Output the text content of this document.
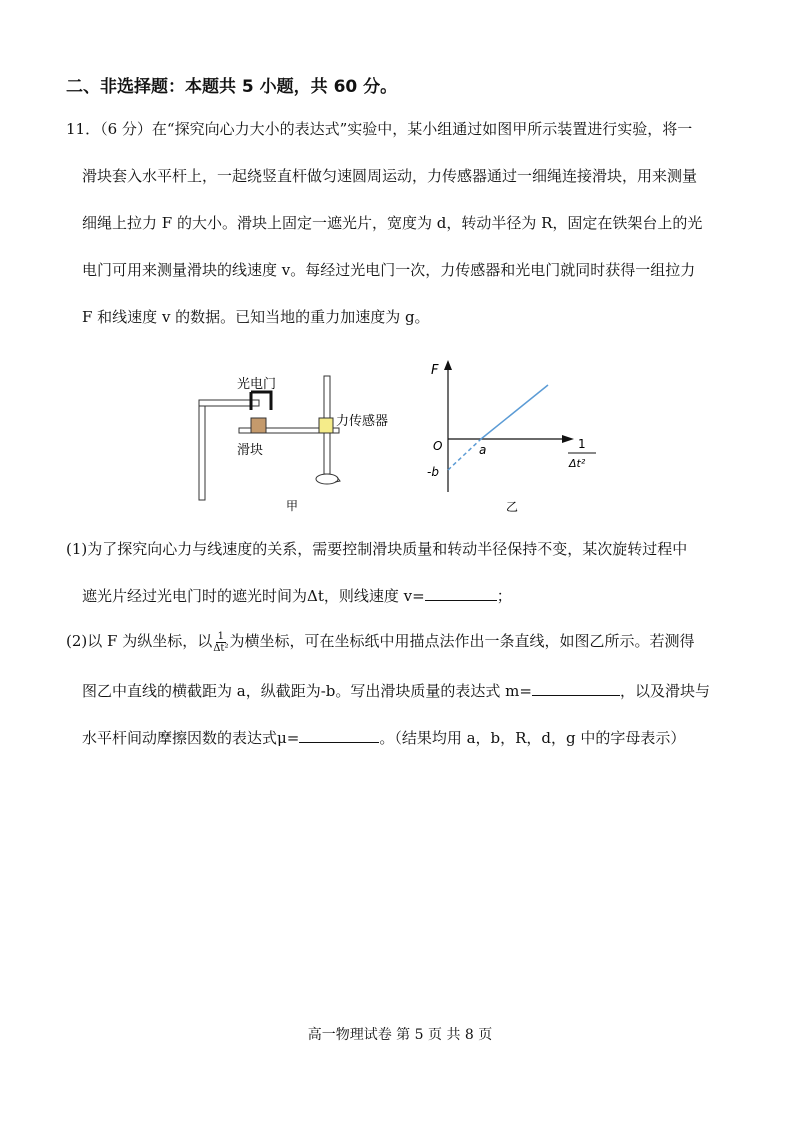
二、非选择题：本题共 5 小题，共 60 分。
11．（6 分）在“探究向心力大小的表达式”实验中，某小组通过如图甲所示装置进行实验，将一
滑块套入水平杆上，一起绕竖直杆做匀速圆周运动，力传感器通过一细绳连接滑块，用来测量
细绳上拉力 F 的大小。滑块上固定一遮光片，宽度为 d，转动半径为 R，固定在铁架台上的光
电门可用来测量滑块的线速度 v。每经过光电门一次，力传感器和光电门就同时获得一组拉力
F 和线速度 v 的数据。已知当地的重力加速度为 g。
光电门
力传感器
滑块
甲
F
O	a
-b
1
Δt²
乙
(1)为了探究向心力与线速度的关系，需要控制滑块质量和转动半径保持不变，某次旋转过程中
遮光片经过光电门时的遮光时间为Δt，则线速度 v=	；
(2)以 F 为纵坐标，以 $\frac{1}{\text{Δt²}}$ 为横坐标，可在坐标纸中用描点法作出一条直线，如图乙所示。若测得
图乙中直线的横截距为 a，纵截距为-b。写出滑块质量的表达式 m=	，以及滑块与
水平杆间动摩擦因数的表达式μ=	。（结果均用 a，b，R，d，g 中的字母表示）
高一物理试卷 第 5 页 共 8 页
